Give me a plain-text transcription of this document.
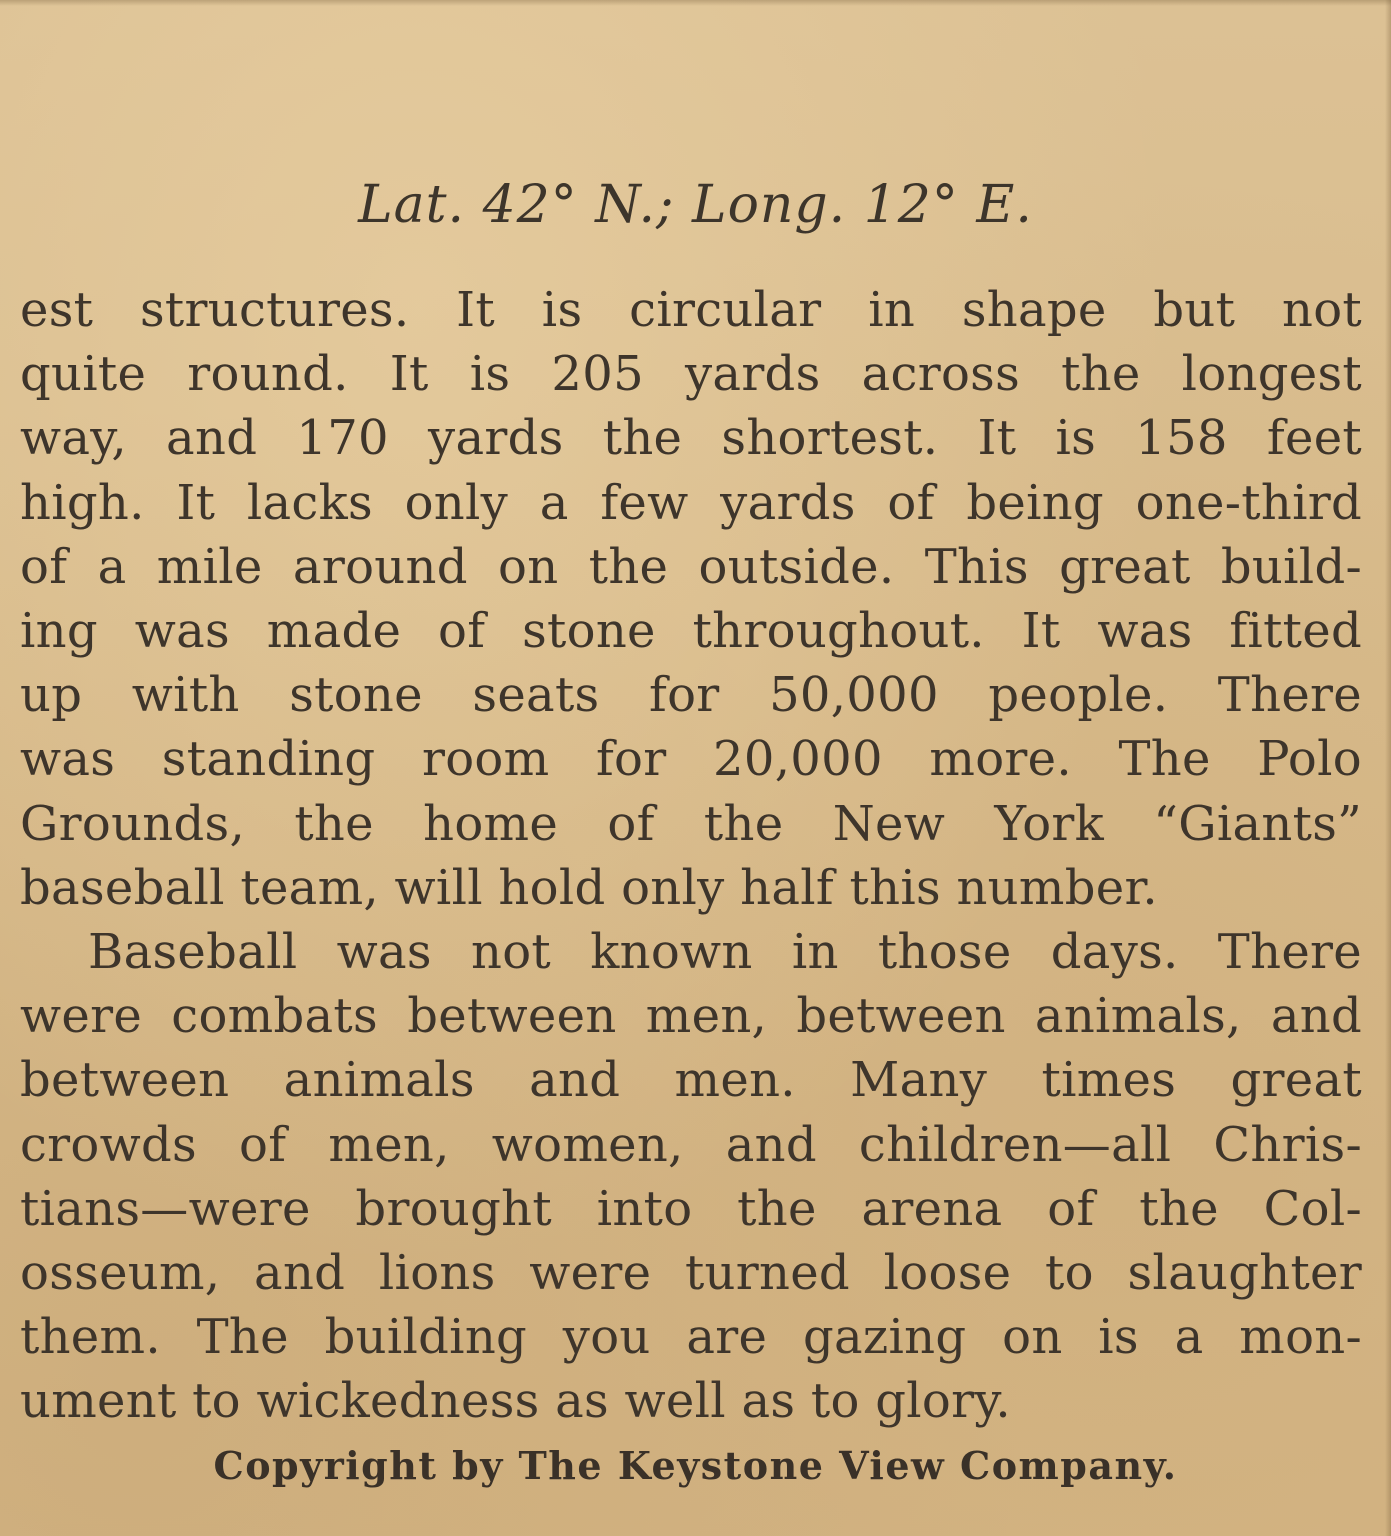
Lat. 42° N.; Long. 12° E.
est structures. It is circular in shape but not
quite round. It is 205 yards across the longest
way, and 170 yards the shortest. It is 158 feet
high. It lacks only a few yards of being one-third
of a mile around on the outside. This great build-
ing was made of stone throughout. It was fitted
up with stone seats for 50,000 people. There
was standing room for 20,000 more. The Polo
Grounds, the home of the New York “Giants”
baseball team, will hold only half this number.
Baseball was not known in those days. There
were combats between men, between animals, and
between animals and men. Many times great
crowds of men, women, and children—all Chris-
tians—were brought into the arena of the Col-
osseum, and lions were turned loose to slaughter
them. The building you are gazing on is a mon-
ument to wickedness as well as to glory.
Copyright by The Keystone View Company.
